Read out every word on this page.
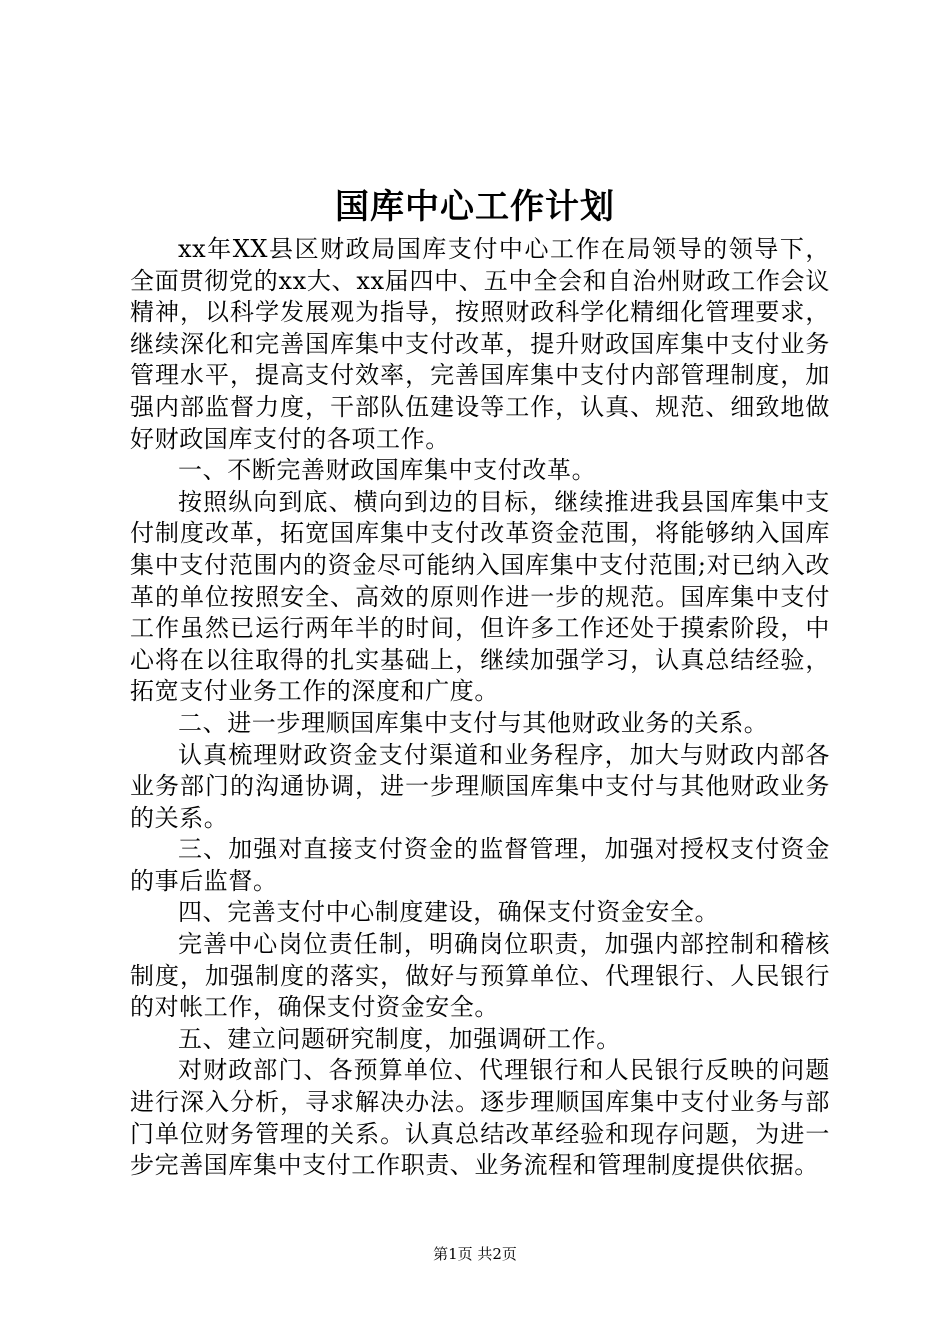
国库中心工作计划

xx年XX县区财政局国库支付中心工作在局领导的领导下，全面贯彻党的xx大、xx届四中、五中全会和自治州财政工作会议精神，以科学发展观为指导，按照财政科学化精细化管理要求，继续深化和完善国库集中支付改革，提升财政国库集中支付业务管理水平，提高支付效率，完善国库集中支付内部管理制度，加强内部监督力度，干部队伍建设等工作，认真、规范、细致地做好财政国库支付的各项工作。

一、不断完善财政国库集中支付改革。

按照纵向到底、横向到边的目标，继续推进我县国库集中支付制度改革，拓宽国库集中支付改革资金范围，将能够纳入国库集中支付范围内的资金尽可能纳入国库集中支付范围;对已纳入改革的单位按照安全、高效的原则作进一步的规范。国库集中支付工作虽然已运行两年半的时间，但许多工作还处于摸索阶段，中心将在以往取得的扎实基础上，继续加强学习，认真总结经验，拓宽支付业务工作的深度和广度。

二、进一步理顺国库集中支付与其他财政业务的关系。

认真梳理财政资金支付渠道和业务程序，加大与财政内部各业务部门的沟通协调，进一步理顺国库集中支付与其他财政业务的关系。

三、加强对直接支付资金的监督管理，加强对授权支付资金的事后监督。

四、完善支付中心制度建设，确保支付资金安全。

完善中心岗位责任制，明确岗位职责，加强内部控制和稽核制度，加强制度的落实，做好与预算单位、代理银行、人民银行的对帐工作，确保支付资金安全。

五、建立问题研究制度，加强调研工作。

对财政部门、各预算单位、代理银行和人民银行反映的问题进行深入分析，寻求解决办法。逐步理顺国库集中支付业务与部门单位财务管理的关系。认真总结改革经验和现存问题，为进一步完善国库集中支付工作职责、业务流程和管理制度提供依据。

第1页 共2页
